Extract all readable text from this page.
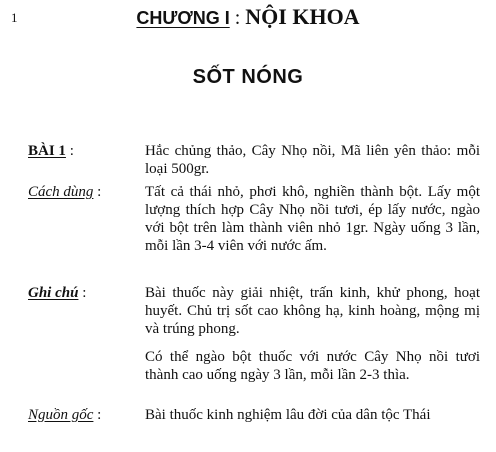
1	CHƯƠNG I : NỘI KHOA
SỐT NÓNG
BÀI 1 :	Hắc chủng thảo, Cây Nhọ nồi, Mã liên yên thảo: mỗi loại 500gr.

Cách dùng :	Tất cả thái nhỏ, phơi khô, nghiền thành bột. Lấy một lượng thích hợp Cây Nhọ nồi tươi, ép lấy nước, ngào với bột trên làm thành viên nhỏ 1gr. Ngày uống 3 lần, mỗi lần 3-4 viên với nước ấm.

Ghi chú :	Bài thuốc này giải nhiệt, trấn kinh, khử phong, hoạt huyết. Chủ trị sốt cao không hạ, kinh hoàng, mộng mị và trúng phong.

Có thể ngào bột thuốc với nước Cây Nhọ nồi tươi thành cao uống ngày 3 lần, mỗi lần 2-3 thìa.

Nguồn gốc :	Bài thuốc kinh nghiệm lâu đời của dân tộc Thái
